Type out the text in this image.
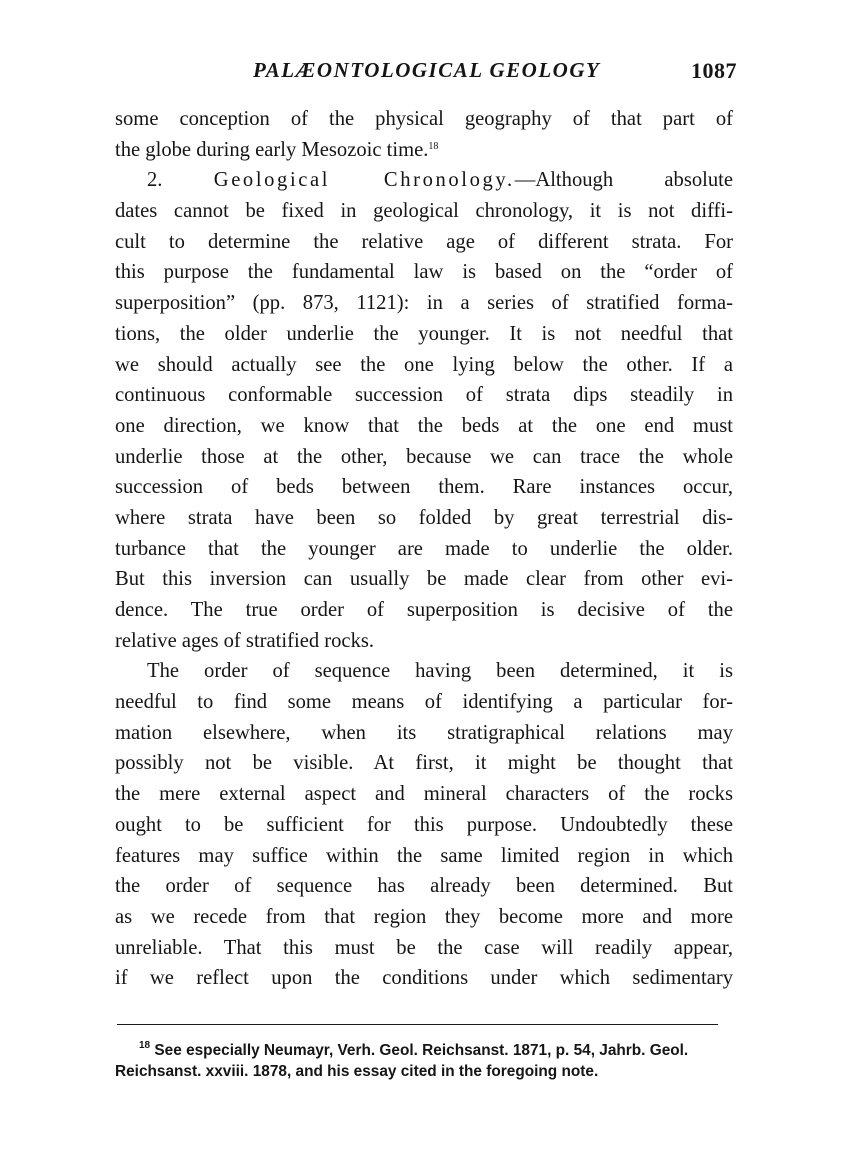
PALÆONTOLOGICAL GEOLOGY	1087
some conception of the physical geography of that part of
the globe during early Mesozoic time.$^{18}$
2. Geological Chronology.—Although absolute
dates cannot be fixed in geological chronology, it is not diffi-
cult to determine the relative age of different strata. For
this purpose the fundamental law is based on the “order of
superposition” (pp. 873, 1121): in a series of stratified forma-
tions, the older underlie the younger. It is not needful that
we should actually see the one lying below the other. If a
continuous conformable succession of strata dips steadily in
one direction, we know that the beds at the one end must
underlie those at the other, because we can trace the whole
succession of beds between them. Rare instances occur,
where strata have been so folded by great terrestrial dis-
turbance that the younger are made to underlie the older.
But this inversion can usually be made clear from other evi-
dence. The true order of superposition is decisive of the
relative ages of stratified rocks.
The order of sequence having been determined, it is
needful to find some means of identifying a particular for-
mation elsewhere, when its stratigraphical relations may
possibly not be visible. At first, it might be thought that
the mere external aspect and mineral characters of the rocks
ought to be sufficient for this purpose. Undoubtedly these
features may suffice within the same limited region in which
the order of sequence has already been determined. But
as we recede from that region they become more and more
unreliable. That this must be the case will readily appear,
if we reflect upon the conditions under which sedimentary
$^{18}$ See especially Neumayr, Verh. Geol. Reichsanst. 1871, p. 54, Jahrb. Geol.
Reichsanst. xxviii. 1878, and his essay cited in the foregoing note.
